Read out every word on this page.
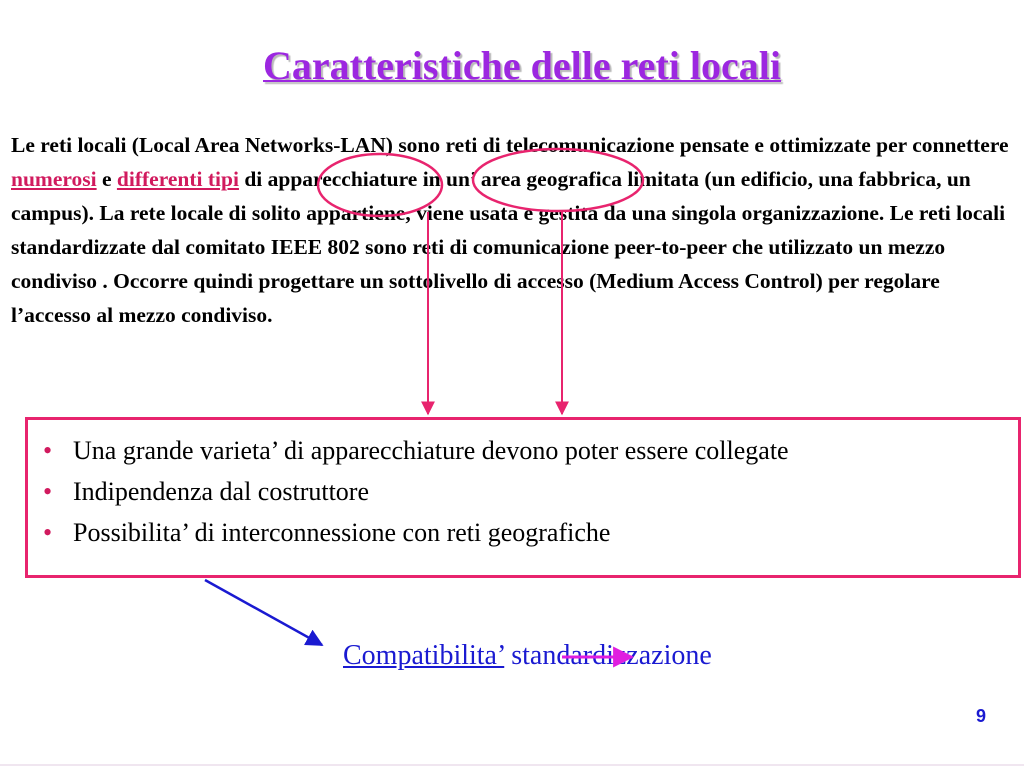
Caratteristiche delle reti locali

Le reti locali (Local Area Networks-LAN) sono reti di telecomunicazione pensate e ottimizzate per connettere numerosi e differenti tipi di apparecchiature in un’ area geografica limitata (un edificio, una fabbrica, un campus). La rete locale di solito appartiene, viene usata e gestita da una singola organizzazione. Le reti locali standardizzate dal comitato IEEE 802 sono reti di comunicazione peer-to-peer che utilizzato un mezzo condiviso . Occorre quindi progettare un sottolivello di accesso (Medium Access Control) per regolare l’accesso al mezzo condiviso.

• Una grande varieta’ di apparecchiature devono poter essere collegate
• Indipendenza dal costruttore
• Possibilita’ di interconnessione con reti geografiche
Compatibilita’ standardizzazione
9
